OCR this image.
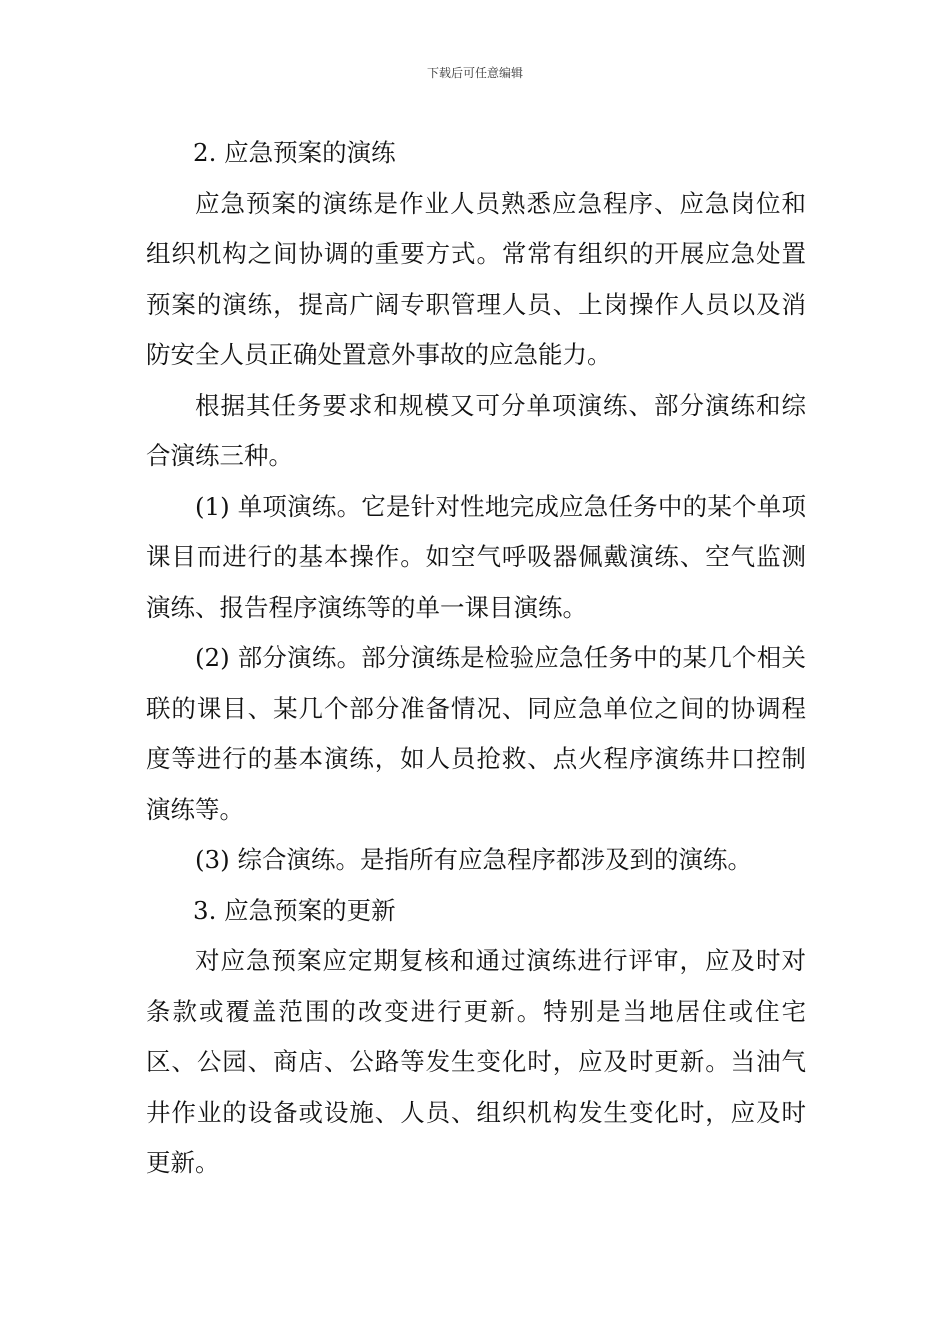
下载后可任意编辑

2. 应急预案的演练

应急预案的演练是作业人员熟悉应急程序、应急岗位和组织机构之间协调的重要方式。常常有组织的开展应急处置预案的演练，提高广阔专职管理人员、上岗操作人员以及消防安全人员正确处置意外事故的应急能力。

根据其任务要求和规模又可分单项演练、部分演练和综合演练三种。

(1) 单项演练。它是针对性地完成应急任务中的某个单项课目而进行的基本操作。如空气呼吸器佩戴演练、空气监测演练、报告程序演练等的单一课目演练。

(2) 部分演练。部分演练是检验应急任务中的某几个相关联的课目、某几个部分准备情况、同应急单位之间的协调程度等进行的基本演练，如人员抢救、点火程序演练井口控制演练等。

(3) 综合演练。是指所有应急程序都涉及到的演练。

3. 应急预案的更新

对应急预案应定期复核和通过演练进行评审，应及时对条款或覆盖范围的改变进行更新。特别是当地居住或住宅区、公园、商店、公路等发生变化时，应及时更新。当油气井作业的设备或设施、人员、组织机构发生变化时，应及时更新。
